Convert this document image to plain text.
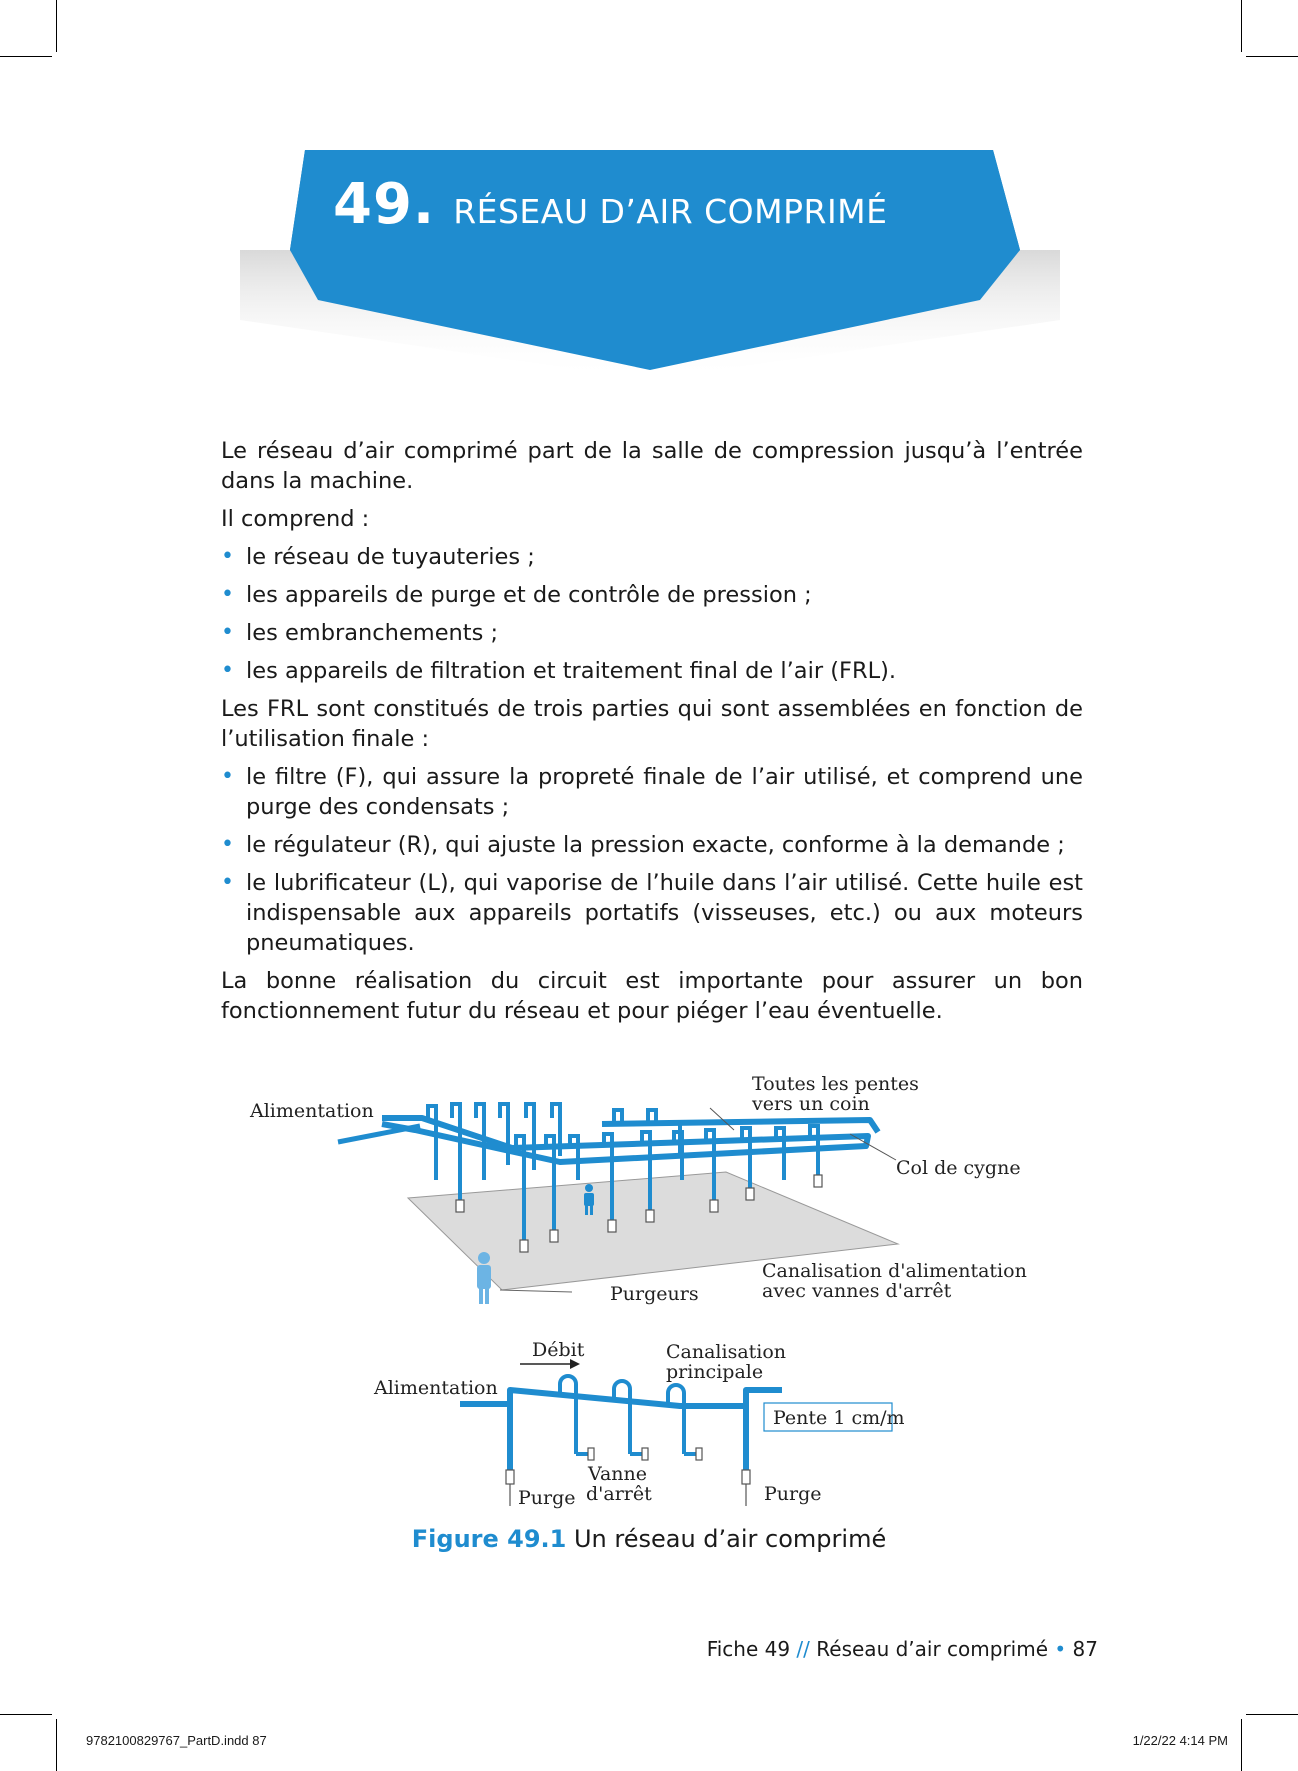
49. RÉSEAU D’AIR COMPRIMÉ

Le réseau d’air comprimé part de la salle de compression jusqu’à l’entrée dans la machine.

Il comprend :

• le réseau de tuyauteries ;
• les appareils de purge et de contrôle de pression ;
• les embranchements ;
• les appareils de filtration et traitement final de l’air (FRL).

Les FRL sont constitués de trois parties qui sont assemblées en fonction de l’utilisation finale :

• le filtre (F), qui assure la propreté finale de l’air utilisé, et comprend une purge des condensats ;
• le régulateur (R), qui ajuste la pression exacte, conforme à la demande ;
• le lubrificateur (L), qui vaporise de l’huile dans l’air utilisé. Cette huile est indispensable aux appareils portatifs (visseuses, etc.) ou aux moteurs pneumatiques.

La bonne réalisation du circuit est importante pour assurer un bon fonctionnement futur du réseau et pour piéger l’eau éventuelle.

Alimentation
Toutes les pentes
vers un coin
Col de cygne
Canalisation d'alimentation
avec vannes d'arrêt
Purgeurs
Débit	Canalisation
principale
Alimentation
Pente 1 cm/m
Vanne
d'arrêt
Purge	Purge
Figure 49.1 Un réseau d’air comprimé
Fiche 49 // Réseau d’air comprimé • 87
9782100829767_PartD.indd 87	1/22/22 4:14 PM
